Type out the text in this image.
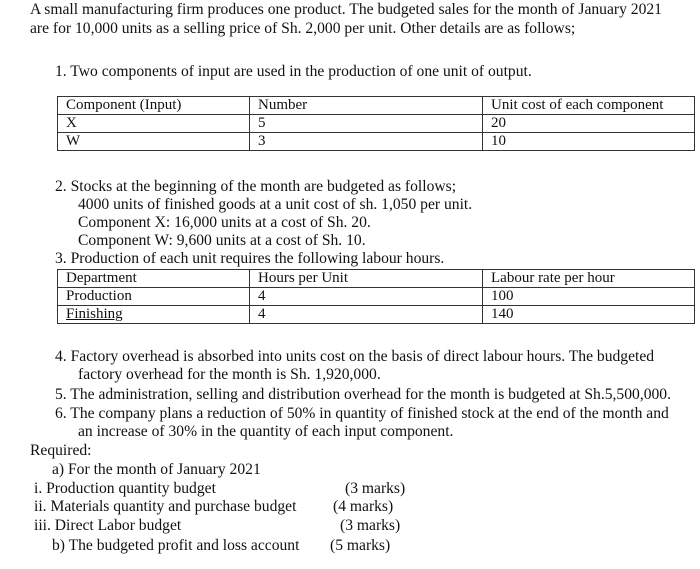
A small manufacturing firm produces one product. The budgeted sales for the month of January 2021
are for 10,000 units as a selling price of Sh. 2,000 per unit. Other details are as follows;
1. Two components of input are used in the production of one unit of output.
Component (Input)	Number	Unit cost of each component
X	5	20
W	3	10
2. Stocks at the beginning of the month are budgeted as follows;
4000 units of finished goods at a unit cost of sh. 1,050 per unit.
Component X: 16,000 units at a cost of Sh. 20.
Component W: 9,600 units at a cost of Sh. 10.
3. Production of each unit requires the following labour hours.
Department	Hours per Unit	Labour rate per hour
Production	4	100
Finishing	4	140
4. Factory overhead is absorbed into units cost on the basis of direct labour hours. The budgeted
factory overhead for the month is Sh. 1,920,000.
5. The administration, selling and distribution overhead for the month is budgeted at Sh.5,500,000.
6. The company plans a reduction of 50% in quantity of finished stock at the end of the month and
an increase of 30% in the quantity of each input component.
Required:
a) For the month of January 2021
i. Production quantity budget	(3 marks)
ii. Materials quantity and purchase budget (4 marks)
iii. Direct Labor budget	(3 marks)
b) The budgeted profit and loss account (5 marks)
